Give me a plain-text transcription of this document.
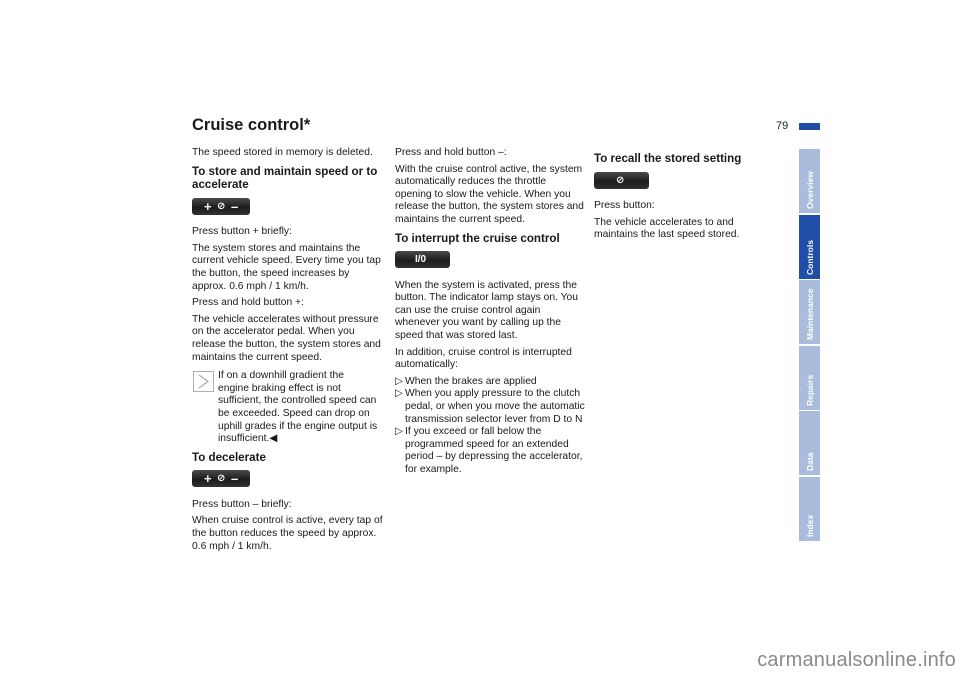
Cruise control*	79

The speed stored in memory is deleted.

To store and maintain speed or to accelerate
+ ⊘ –

Press button + briefly:

The system stores and maintains the current vehicle speed. Every time you tap the button, the speed increases by approx. 0.6 mph / 1 km/h.

Press and hold button +:

The vehicle accelerates without pressure on the accelerator pedal. When you release the button, the system stores and maintains the current speed.

If on a downhill gradient the
engine braking effect is not sufficient, the controlled speed can be exceeded. Speed can drop on uphill grades if the engine output is insufficient.◀
To decelerate
+ ⊘ –

Press button – briefly:

When cruise control is active, every tap of the button reduces the speed by approx. 0.6 mph / 1 km/h.

Press and hold button –:

With the cruise control active, the system automatically reduces the throttle opening to slow the vehicle. When you release the button, the system stores and maintains the current speed.

To interrupt the cruise control
I/0

When the system is activated, press the button. The indicator lamp stays on. You can use the cruise control again whenever you want by calling up the speed that was stored last.

In addition, cruise control is interrupted automatically:

▷ When the brakes are applied
▷ When you apply pressure to the clutch pedal, or when you move the automatic transmission selector lever from D to N
▷ If you exceed or fall below the programmed speed for an extended period – by depressing the accelerator, for example.
To recall the stored setting
⊘

Press button:

The vehicle accelerates to and maintains the last speed stored.

Overview
Controls
Maintenance
Repairs
Data
Index
carmanualsonline.info
